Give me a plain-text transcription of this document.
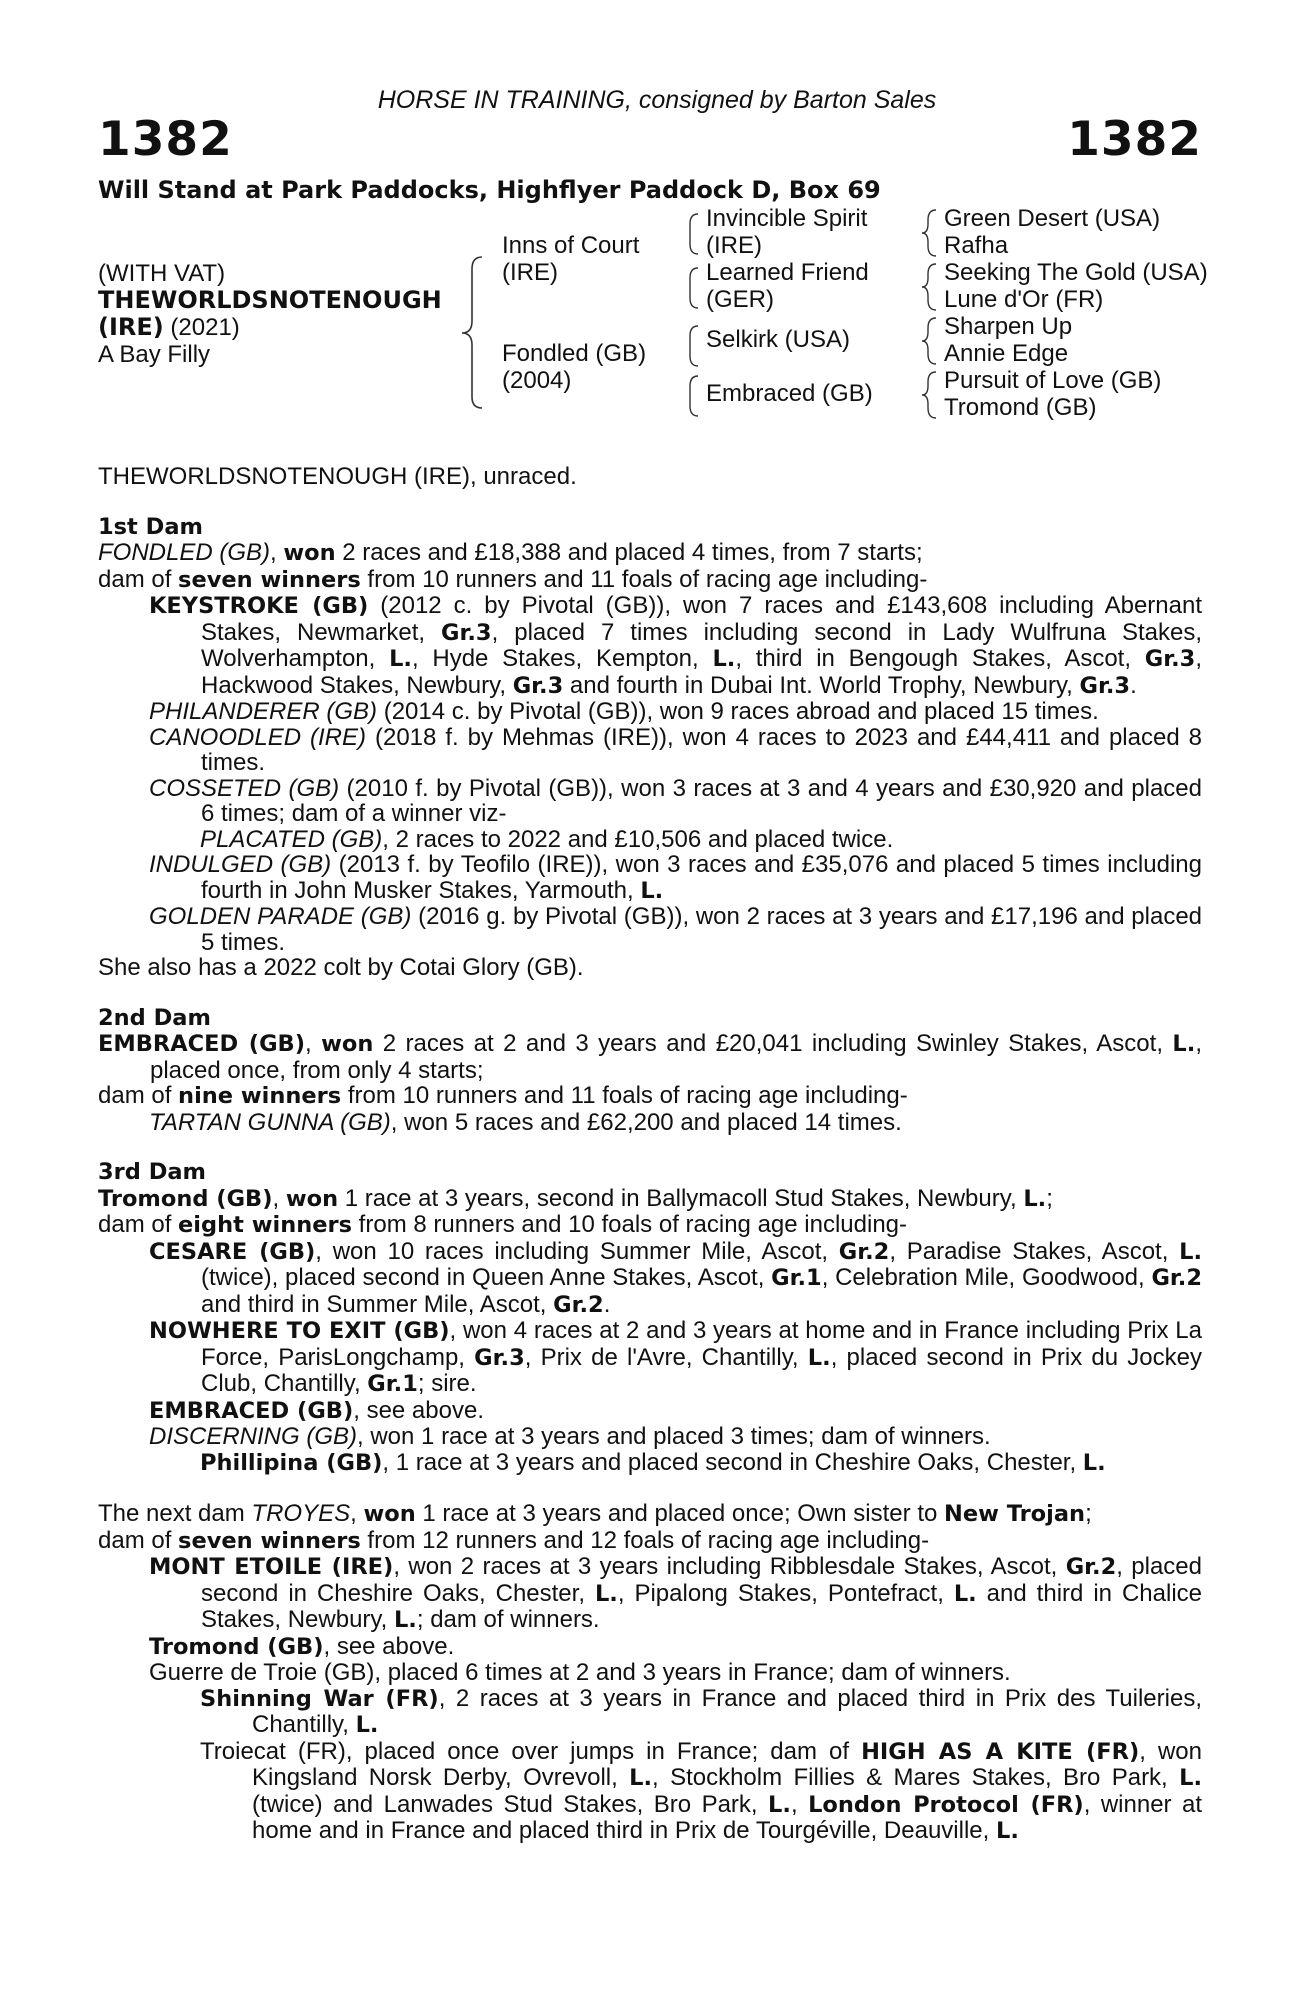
HORSE IN TRAINING, consigned by Barton Sales
1382	1382
Will Stand at Park Paddocks, Highflyer Paddock D, Box 69
(WITH VAT)
THEWORLDSNOTENOUGH
(IRE) (2021)
A Bay Filly
Inns of Court
(IRE)
Fondled (GB)
(2004)
Invincible Spirit
(IRE)
Learned Friend
(GER)
Selkirk (USA)
Embraced (GB)
Green Desert (USA)
Rafha
Seeking The Gold (USA)
Lune d'Or (FR)
Sharpen Up
Annie Edge
Pursuit of Love (GB)
Tromond (GB)

THEWORLDSNOTENOUGH (IRE), unraced.

1st Dam

FONDLED (GB), won 2 races and £18,388 and placed 4 times, from 7 starts;

dam of seven winners from 10 runners and 11 foals of racing age including-

KEYSTROKE (GB) (2012 c. by Pivotal (GB)), won 7 races and £143,608 including Abernant Stakes, Newmarket, Gr.3, placed 7 times including second in Lady Wulfruna Stakes, Wolverhampton, L., Hyde Stakes, Kempton, L., third in Bengough Stakes, Ascot, Gr.3, Hackwood Stakes, Newbury, Gr.3 and fourth in Dubai Int. World Trophy, Newbury, Gr.3.

PHILANDERER (GB) (2014 c. by Pivotal (GB)), won 9 races abroad and placed 15 times.

CANOODLED (IRE) (2018 f. by Mehmas (IRE)), won 4 races to 2023 and £44,411 and placed 8 times.

COSSETED (GB) (2010 f. by Pivotal (GB)), won 3 races at 3 and 4 years and £30,920 and placed 6 times; dam of a winner viz-

PLACATED (GB), 2 races to 2022 and £10,506 and placed twice.

INDULGED (GB) (2013 f. by Teofilo (IRE)), won 3 races and £35,076 and placed 5 times including fourth in John Musker Stakes, Yarmouth, L.

GOLDEN PARADE (GB) (2016 g. by Pivotal (GB)), won 2 races at 3 years and £17,196 and placed 5 times.

She also has a 2022 colt by Cotai Glory (GB).

2nd Dam

EMBRACED (GB), won 2 races at 2 and 3 years and £20,041 including Swinley Stakes, Ascot, L., placed once, from only 4 starts;

dam of nine winners from 10 runners and 11 foals of racing age including-

TARTAN GUNNA (GB), won 5 races and £62,200 and placed 14 times.

3rd Dam

Tromond (GB), won 1 race at 3 years, second in Ballymacoll Stud Stakes, Newbury, L.;

dam of eight winners from 8 runners and 10 foals of racing age including-

CESARE (GB), won 10 races including Summer Mile, Ascot, Gr.2, Paradise Stakes, Ascot, L. (twice), placed second in Queen Anne Stakes, Ascot, Gr.1, Celebration Mile, Goodwood, Gr.2 and third in Summer Mile, Ascot, Gr.2.

NOWHERE TO EXIT (GB), won 4 races at 2 and 3 years at home and in France including Prix La Force, ParisLongchamp, Gr.3, Prix de l'Avre, Chantilly, L., placed second in Prix du Jockey Club, Chantilly, Gr.1; sire.

EMBRACED (GB), see above.

DISCERNING (GB), won 1 race at 3 years and placed 3 times; dam of winners.

Phillipina (GB), 1 race at 3 years and placed second in Cheshire Oaks, Chester, L.

The next dam TROYES, won 1 race at 3 years and placed once; Own sister to New Trojan;

dam of seven winners from 12 runners and 12 foals of racing age including-

MONT ETOILE (IRE), won 2 races at 3 years including Ribblesdale Stakes, Ascot, Gr.2, placed second in Cheshire Oaks, Chester, L., Pipalong Stakes, Pontefract, L. and third in Chalice Stakes, Newbury, L.; dam of winners.

Tromond (GB), see above.

Guerre de Troie (GB), placed 6 times at 2 and 3 years in France; dam of winners.

Shinning War (FR), 2 races at 3 years in France and placed third in Prix des Tuileries, Chantilly, L.

Troiecat (FR), placed once over jumps in France; dam of HIGH AS A KITE (FR), won Kingsland Norsk Derby, Ovrevoll, L., Stockholm Fillies & Mares Stakes, Bro Park, L. (twice) and Lanwades Stud Stakes, Bro Park, L., London Protocol (FR), winner at home and in France and placed third in Prix de Tourgéville, Deauville, L.
